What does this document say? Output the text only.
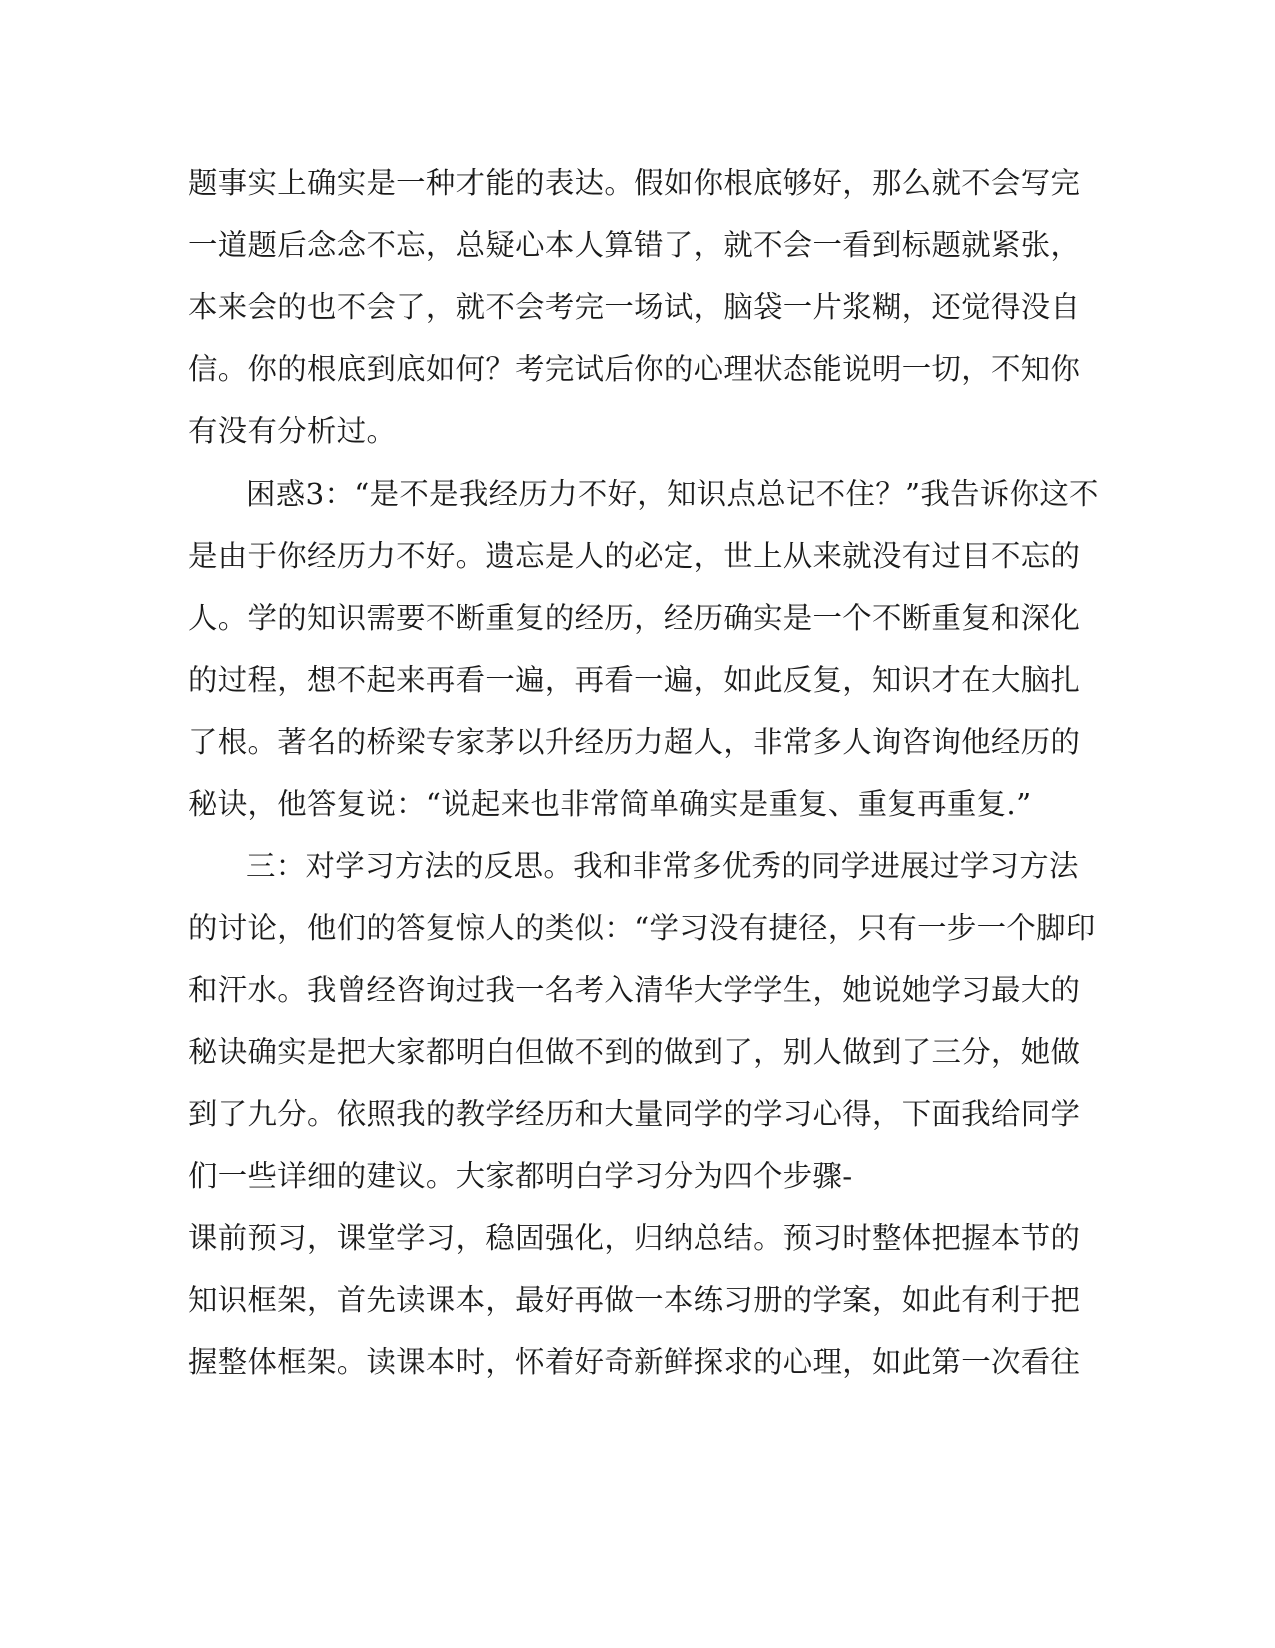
题事实上确实是一种才能的表达。假如你根底够好，那么就不会写完

一道题后念念不忘，总疑心本人算错了，就不会一看到标题就紧张，

本来会的也不会了，就不会考完一场试，脑袋一片浆糊，还觉得没自

信。你的根底到底如何？考完试后你的心理状态能说明一切，不知你

有没有分析过。

困惑3：“是不是我经历力不好，知识点总记不住？”我告诉你这不

是由于你经历力不好。遗忘是人的必定，世上从来就没有过目不忘的

人。学的知识需要不断重复的经历，经历确实是一个不断重复和深化

的过程，想不起来再看一遍，再看一遍，如此反复，知识才在大脑扎

了根。著名的桥梁专家茅以升经历力超人，非常多人询咨询他经历的

秘诀，他答复说：“说起来也非常简单确实是重复、重复再重复.”

三：对学习方法的反思。我和非常多优秀的同学进展过学习方法

的讨论，他们的答复惊人的类似：“学习没有捷径，只有一步一个脚印

和汗水。我曾经咨询过我一名考入清华大学学生，她说她学习最大的

秘诀确实是把大家都明白但做不到的做到了，别人做到了三分，她做

到了九分。依照我的教学经历和大量同学的学习心得，下面我给同学

们一些详细的建议。大家都明白学习分为四个步骤-

课前预习，课堂学习，稳固强化，归纳总结。预习时整体把握本节的

知识框架，首先读课本，最好再做一本练习册的学案，如此有利于把

握整体框架。读课本时，怀着好奇新鲜探求的心理，如此第一次看往
